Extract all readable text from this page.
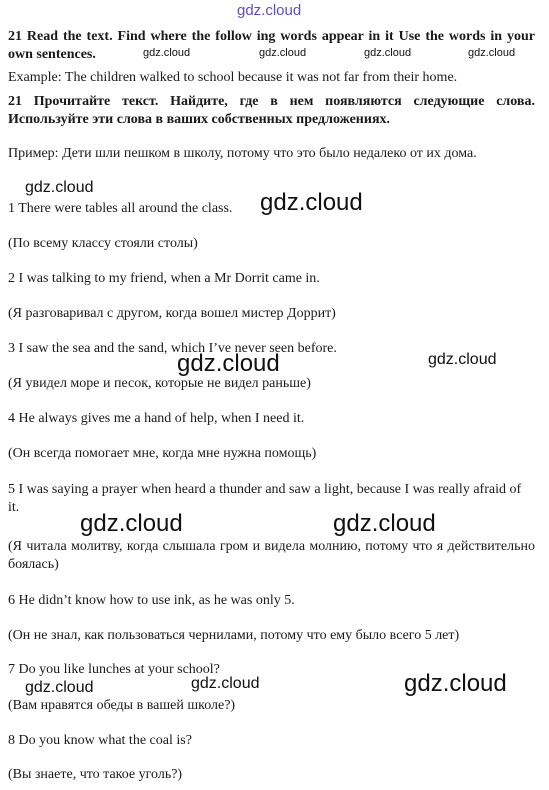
gdz.cloud
21 Read the text. Find where the follow ing words appear in it Use the words in your own sentences.
Example: The children walked to school because it was not far from their home.
21 Прочитайте текст. Найдите, где в нем появляются следующие слова. Используйте эти слова в ваших собственных предложениях.
Пример: Дети шли пешком в школу, потому что это было недалеко от их дома.
1 There were tables all around the class.
(По всему классу стояли столы)
2 I was talking to my friend, when a Mr Dorrit came in.
(Я разговаривал с другом, когда вошел мистер Доррит)
3 I saw the sea and the sand, which I’ve never seen before.
(Я увидел море и песок, которые не видел раньше)
4 He always gives me a hand of help, when I need it.
(Он всегда помогает мне, когда мне нужна помощь)
5 I was saying a prayer when heard a thunder and saw a light, because I was really afraid of it.
(Я читала молитву, когда слышала гром и видела молнию, потому что я действительно боялась)
6 He didn’t know how to use ink, as he was only 5.
(Он не знал, как пользоваться чернилами, потому что ему было всего 5 лет)
7 Do you like lunches at your school?
(Вам нравятся обеды в вашей школе?)
8 Do you know what the coal is?
(Вы знаете, что такое уголь?)
gdz.cloud	gdz.cloud	gdz.cloud	gdz.cloud
gdz.cloud
gdz.cloud
gdz.cloud	gdz.cloud
gdz.cloud	gdz.cloud
gdz.cloud	gdz.cloud	gdz.cloud
